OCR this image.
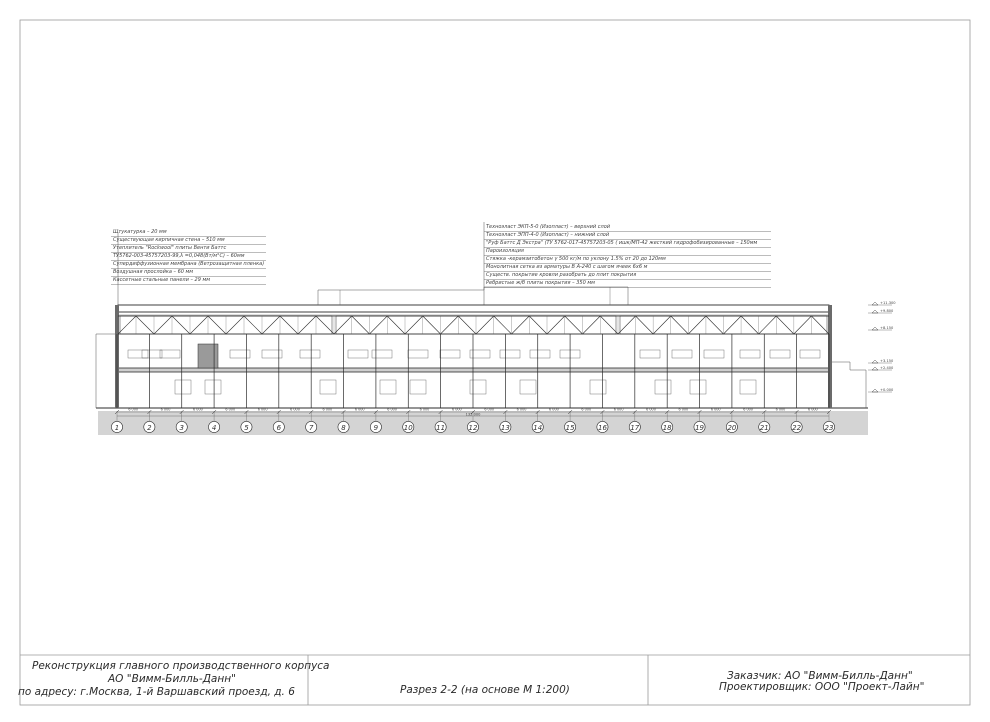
6 000	6 000	6 000	6 000	6 000	6 000	6 000	6 000	6 000	6 000	6 000	6 000	6 000	6 000	6 000	6 000	6 000	6 000	6 000	6 000	6 000	6 000
132 000
1	2	3	4	5	6	7	8	9	10	11	12	13	14	15	16	17	18	19	20	21	22	23
+11.300
+9.800
+8.150
+3.150
+2.400
+0.000
Штукатурка – 20 мм
Существующая кирпичная стена – 510 мм
Утеплитель "Rockwool" плиты Венти Баттс
ТУ5762-003-45757203-99,λ =0,048(Вт/м°С) – 60мм
Супердиффузионная мембрана (Ветрозащитная пленка)
Воздушная прослойка – 60 мм
Кассетные стальные панели – 29 мм
Техноэласт ЭКП-5-0 (Изопласт) – верхний слой
Техноэласт ЭПП-4-0 (Изопласт) – нижний слой
"Руф Баттс Д Экстра" (ТУ 5762-017-45757203-05 ( ишк/МП-42 жесткий гидрофобизированные – 150мм
Пароизоляция
Стяжка -керамзитобетон γ 500 кг/м по уклону 1.5% от 20 до 120мм
Монолитная сетка из арматуры В А-240 с шагом ячеек 6х6 м
Существ. покрытие кровли разобрать до плит покрытия
Ребристые ж/б плиты покрытия – 350 мм
Реконструкция главного производственного корпуса
АО "Вимм-Билль-Данн"
по адресу: г.Москва, 1-й Варшавский проезд, д. 6	Разрез 2-2 (на основе М 1:200)
Заказчик: АО "Вимм-Билль-Данн"
Проектировщик: ООО "Проект-Лайн"
